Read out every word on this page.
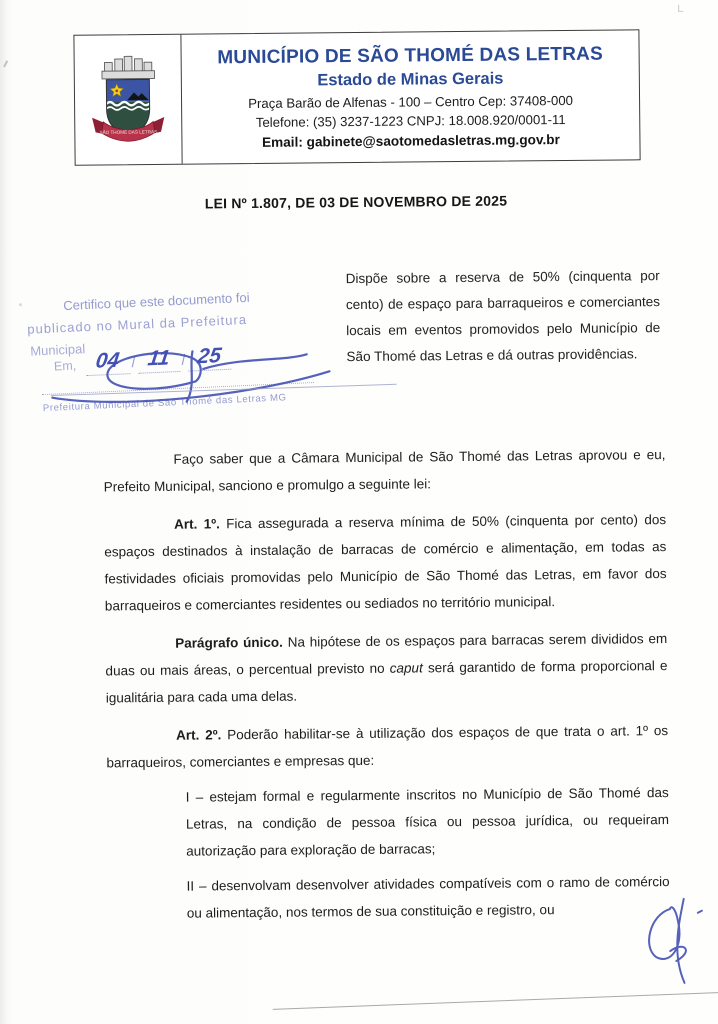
SÃO THOMÉ DAS LETRAS
MUNICÍPIO DE SÃO THOMÉ DAS LETRAS
Estado de Minas Gerais
Praça Barão de Alfenas - 100 – Centro Cep: 37408-000
Telefone: (35) 3237-1223 CNPJ: 18.008.920/0001-11
Email: gabinete@saotomedasletras.mg.gov.br
LEI Nº 1.807, DE 03 DE NOVEMBRO DE 2025
Certifico que este documento foi
publicado no Mural da Prefeitura
Municipal
Em, 04 / 11 / 25
Prefeitura Municipal de São Thomé das Letras MG
Dispõe sobre a reserva de 50% (cinquenta por cento) de espaço para barraqueiros e comerciantes locais em eventos promovidos pelo Município de São Thomé das Letras e dá outras providências.

Faço saber que a Câmara Municipal de São Thomé das Letras aprovou e eu, Prefeito Municipal, sanciono e promulgo a seguinte lei:

Art. 1º. Fica assegurada a reserva mínima de 50% (cinquenta por cento) dos espaços destinados à instalação de barracas de comércio e alimentação, em todas as festividades oficiais promovidas pelo Município de São Thomé das Letras, em favor dos barraqueiros e comerciantes residentes ou sediados no território municipal.

Parágrafo único. Na hipótese de os espaços para barracas serem divididos em duas ou mais áreas, o percentual previsto no caput será garantido de forma proporcional e igualitária para cada uma delas.

Art. 2º. Poderão habilitar-se à utilização dos espaços de que trata o art. 1º os barraqueiros, comerciantes e empresas que:

I – estejam formal e regularmente inscritos no Município de São Thomé das Letras, na condição de pessoa física ou pessoa jurídica, ou requeiram autorização para exploração de barracas;

II – desenvolvam desenvolver atividades compatíveis com o ramo de comércio ou alimentação, nos termos de sua constituição e registro, ou
